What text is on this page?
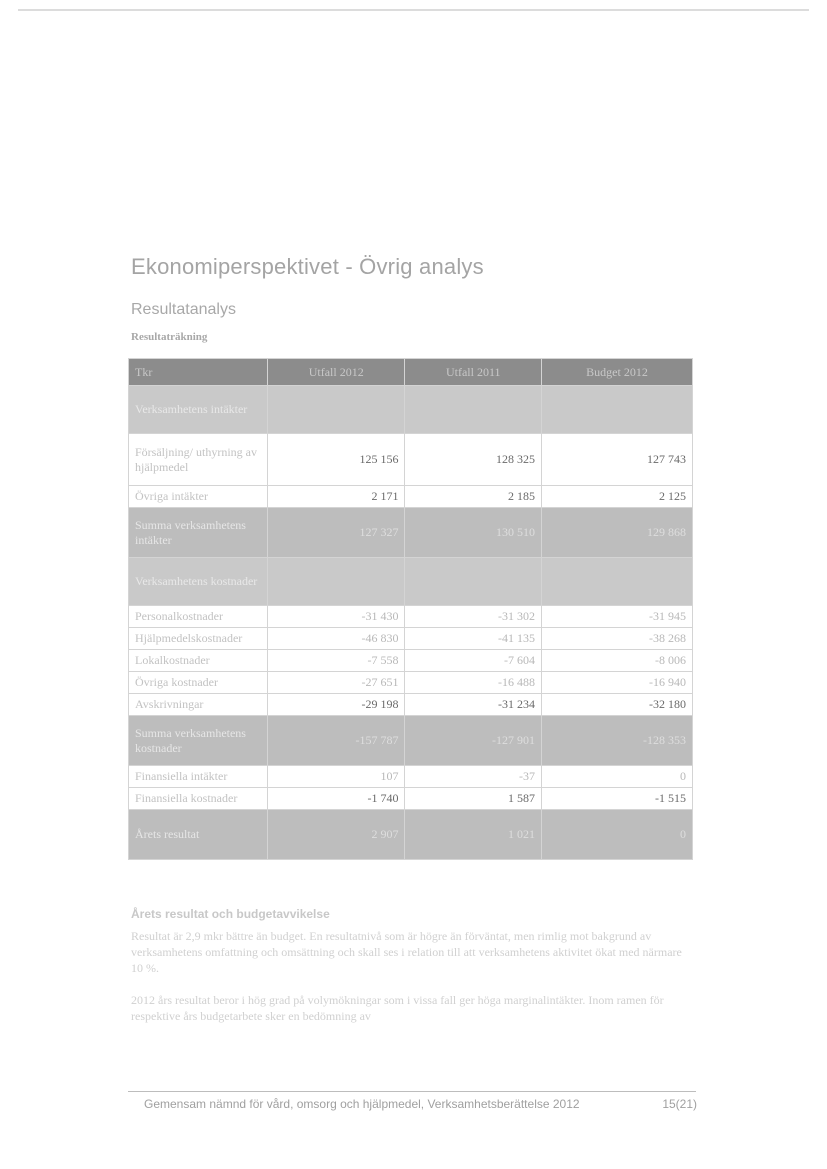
Ekonomiperspektivet - Övrig analys
Resultatanalys
Resultaträkning
Tkr	Utfall 2012	Utfall 2011	Budget 2012
Verksamhetens intäkter			
Försäljning/ uthyrning av hjälpmedel	125 156	128 325	127 743
Övriga intäkter	2 171	2 185	2 125
Summa verksamhetens intäkter	127 327	130 510	129 868
Verksamhetens kostnader			
Personalkostnader	-31 430	-31 302	-31 945
Hjälpmedelskostnader	-46 830	-41 135	-38 268
Lokalkostnader	-7 558	-7 604	-8 006
Övriga kostnader	-27 651	-16 488	-16 940
Avskrivningar	-29 198	-31 234	-32 180
Summa verksamhetens kostnader	-157 787	-127 901	-128 353
Finansiella intäkter	107	-37	0
Finansiella kostnader	-1 740	1 587	-1 515
Årets resultat	2 907	1 021	0
Årets resultat och budgetavvikelse

Resultat är 2,9 mkr bättre än budget. En resultatnivå som är högre än förväntat, men rimlig mot bakgrund av verksamhetens omfattning och omsättning och skall ses i relation till att verksamhetens aktivitet ökat med närmare 10 %.

2012 års resultat beror i hög grad på volymökningar som i vissa fall ger höga marginalintäkter. Inom ramen för respektive års budgetarbete sker en bedömning av

Gemensam nämnd för vård, omsorg och hjälpmedel, Verksamhetsberättelse 2012	15(21)
